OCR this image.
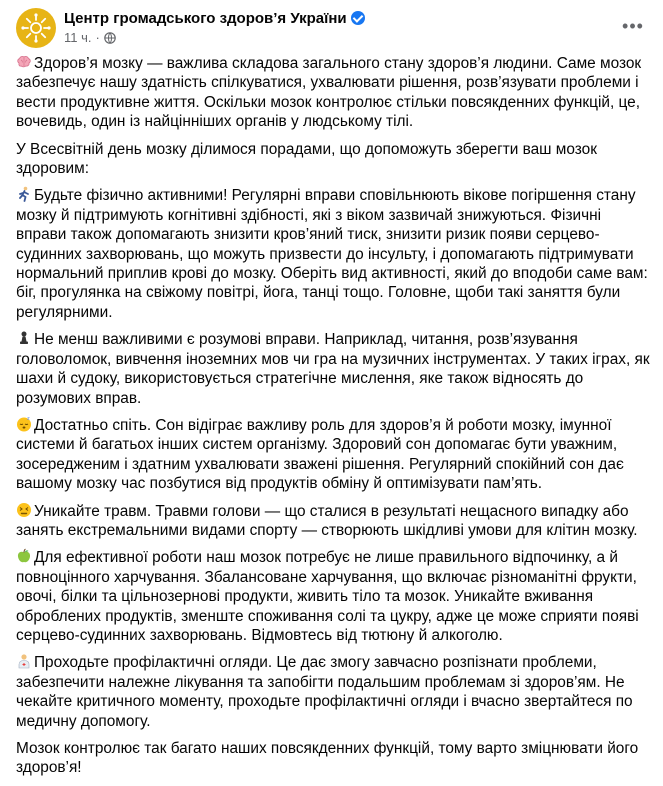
Центр громадського здоров’я України
11 ч. ·
•••

Здоров’я мозку — важлива складова загального стану здоров’я людини. Саме мозок забезпечує нашу здатність спілкуватися, ухвалювати рішення, розв’язувати проблеми і вести продуктивне життя. Оскільки мозок контролює стільки повсякденних функцій, це, вочевидь, один із найцінніших органів у людському тілі.

У Всесвітній день мозку ділимося порадами, що допоможуть зберегти ваш мозок здоровим:

Будьте фізично активними! Регулярні вправи сповільнюють вікове погіршення стану мозку й підтримують когнітивні здібності, які з віком зазвичай знижуються. Фізичні вправи також допомагають знизити кров’яний тиск, знизити ризик появи серцево-судинних захворювань, що можуть призвести до інсульту, і допомагають підтримувати нормальний приплив крові до мозку. Оберіть вид активності, який до вподоби саме вам: біг, прогулянка на свіжому повітрі, йога, танці тощо. Головне, щоби такі заняття були регулярними.

Не менш важливими є розумові вправи. Наприклад, читання, розв’язування головоломок, вивчення іноземних мов чи гра на музичних інструментах. У таких іграх, як шахи й судоку, використовується стратегічне мислення, яке також відносять до розумових вправ.

z Достатньо спіть. Сон відіграє важливу роль для здоров’я й роботи мозку, імунної системи й багатьох інших систем організму. Здоровий сон допомагає бути уважним, зосередженим і здатним ухвалювати зважені рішення. Регулярний спокійний сон дає вашому мозку час позбутися від продуктів обміну й оптимізувати пам’ять.

Уникайте травм. Травми голови — що сталися в результаті нещасного випадку або занять екстремальними видами спорту — створюють шкідливі умови для клітин мозку.

Для ефективної роботи наш мозок потребує не лише правильного відпочинку, а й повноцінного харчування. Збалансоване харчування, що включає різноманітні фрукти, овочі, білки та цільнозернові продукти, живить тіло та мозок. Уникайте вживання оброблених продуктів, зменште споживання солі та цукру, адже це може сприяти появі серцево-судинних захворювань. Відмовтесь від тютюну й алкоголю.

Проходьте профілактичні огляди. Це дає змогу завчасно розпізнати проблеми, забезпечити належне лікування та запобігти подальшим проблемам зі здоров’ям. Не чекайте критичного моменту, проходьте профілактичні огляди і вчасно звертайтеся по медичну допомогу.

Мозок контролює так багато наших повсякденних функцій, тому варто зміцнювати його здоров’я!
